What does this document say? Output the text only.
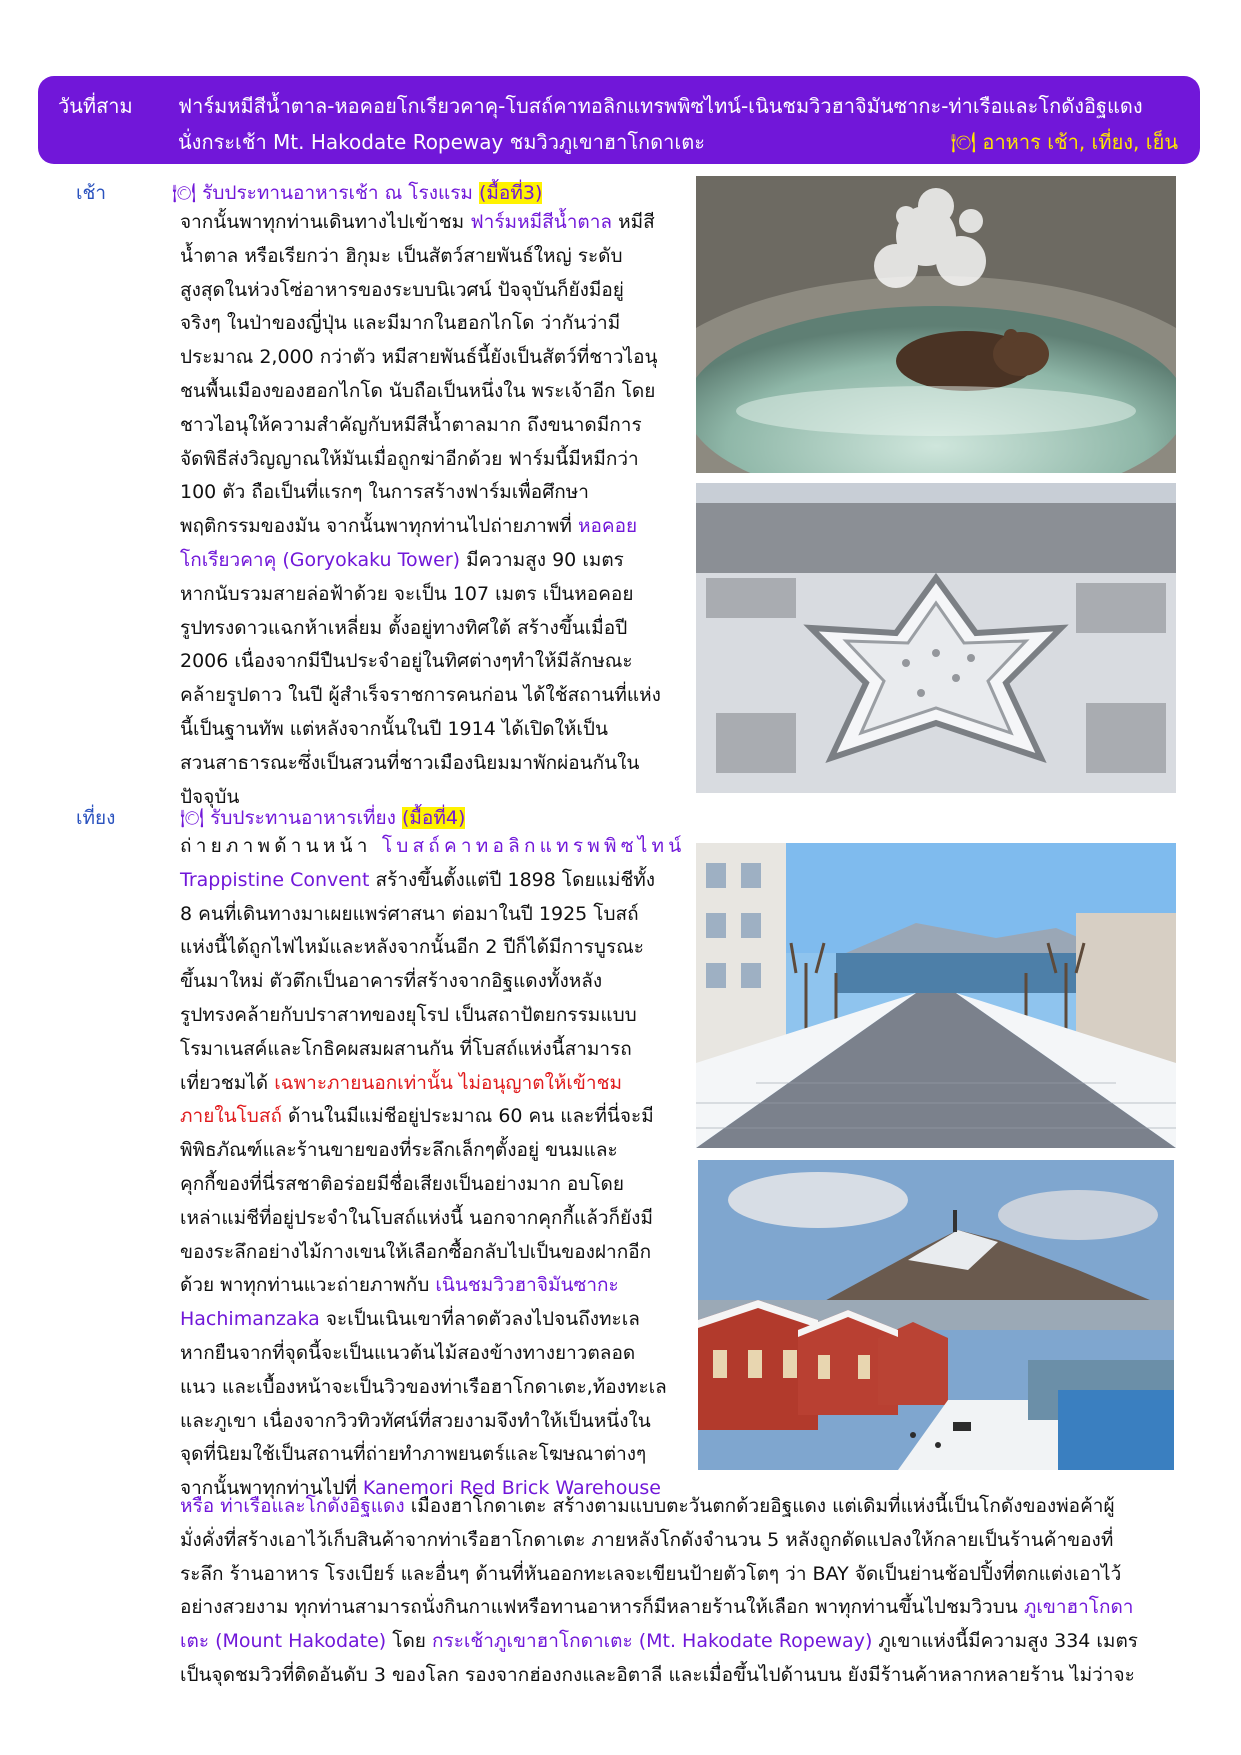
วันที่สาม ฟาร์มหมีสีน้ำตาล-หอคอยโกเรียวคาคุ-โบสถ์คาทอลิกแทรพพิซไทน์-เนินชมวิวฮาจิมันซากะ-ท่าเรือและโกดังอิฐแดง
นั่งกระเช้า Mt. Hakodate Ropeway ชมวิวภูเขาฮาโกดาเตะ	🍽 อาหาร เช้า, เที่ยง, เย็น
เช้า	🍽 รับประทานอาหารเช้า ณ โรงแรม (มื้อที่3)
จากนั้นพาทุกท่านเดินทางไปเข้าชม ฟาร์มหมีสีน้ำตาล หมีสี
น้ำตาล หรือเรียกว่า ฮิกุมะ เป็นสัตว์สายพันธ์ใหญ่ ระดับ
สูงสุดในห่วงโซ่อาหารของระบบนิเวศน์ ปัจจุบันก็ยังมีอยู่
จริงๆ ในป่าของญี่ปุ่น และมีมากในฮอกไกโด ว่ากันว่ามี
ประมาณ 2,000 กว่าตัว หมีสายพันธ์นี้ยังเป็นสัตว์ที่ชาวไอนุ
ชนพื้นเมืองของฮอกไกโด นับถือเป็นหนึ่งใน พระเจ้าอีก โดย
ชาวไอนุให้ความสำคัญกับหมีสีน้ำตาลมาก ถึงขนาดมีการ
จัดพิธีส่งวิญญาณให้มันเมื่อถูกฆ่าอีกด้วย ฟาร์มนี้มีหมีกว่า
100 ตัว ถือเป็นที่แรกๆ ในการสร้างฟาร์มเพื่อศึกษา
พฤติกรรมของมัน จากนั้นพาทุกท่านไปถ่ายภาพที่ หอคอย
โกเรียวคาคุ (Goryokaku Tower) มีความสูง 90 เมตร
หากนับรวมสายล่อฟ้าด้วย จะเป็น 107 เมตร เป็นหอคอย
รูปทรงดาวแฉกห้าเหลี่ยม ตั้งอยู่ทางทิศใต้ สร้างขึ้นเมื่อปี
2006 เนื่องจากมีปืนประจำอยู่ในทิศต่างๆทำให้มีลักษณะ
คล้ายรูปดาว ในปี ผู้สำเร็จราชการคนก่อน ได้ใช้สถานที่แห่ง
นี้เป็นฐานทัพ แต่หลังจากนั้นในปี 1914 ได้เปิดให้เป็น
สวนสาธารณะซึ่งเป็นสวนที่ชาวเมืองนิยมมาพักผ่อนกันใน
ปัจจุบัน
เที่ยง	🍽 รับประทานอาหารเที่ยง (มื้อที่4)
ถ่ายภาพด้านหน้า โบสถ์คาทอลิกแทรพพิซไทน์
Trappistine Convent สร้างขึ้นตั้งแต่ปี 1898 โดยแม่ชีทั้ง
8 คนที่เดินทางมาเผยแพร่ศาสนา ต่อมาในปี 1925 โบสถ์
แห่งนี้ได้ถูกไฟไหม้และหลังจากนั้นอีก 2 ปีก็ได้มีการบูรณะ
ขึ้นมาใหม่ ตัวตึกเป็นอาคารที่สร้างจากอิฐแดงทั้งหลัง
รูปทรงคล้ายกับปราสาทของยุโรป เป็นสถาปัตยกรรมแบบ
โรมาเนสค์และโกธิคผสมผสานกัน ที่โบสถ์แห่งนี้สามารถ
เที่ยวชมได้ เฉพาะภายนอกเท่านั้น ไม่อนุญาตให้เข้าชม
ภายในโบสถ์ ด้านในมีแม่ชีอยู่ประมาณ 60 คน และที่นี่จะมี
พิพิธภัณฑ์และร้านขายของที่ระลึกเล็กๆตั้งอยู่ ขนมและ
คุกกี้ของที่นี่รสชาติอร่อยมีชื่อเสียงเป็นอย่างมาก อบโดย
เหล่าแม่ชีที่อยู่ประจำในโบสถ์แห่งนี้ นอกจากคุกกี้แล้วก็ยังมี
ของระลึกอย่างไม้กางเขนให้เลือกซื้อกลับไปเป็นของฝากอีก
ด้วย พาทุกท่านแวะถ่ายภาพกับ เนินชมวิวฮาจิมันซากะ
Hachimanzaka จะเป็นเนินเขาที่ลาดตัวลงไปจนถึงทะเล
หากยืนจากที่จุดนี้จะเป็นแนวต้นไม้สองข้างทางยาวตลอด
แนว และเบื้องหน้าจะเป็นวิวของท่าเรือฮาโกดาเตะ,ท้องทะเล
และภูเขา เนื่องจากวิวทิวทัศน์ที่สวยงามจึงทำให้เป็นหนึ่งใน
จุดที่นิยมใช้เป็นสถานที่ถ่ายทำภาพยนตร์และโฆษณาต่างๆ
จากนั้นพาทุกท่านไปที่ Kanemori Red Brick Warehouse
หรือ ท่าเรือและโกดังอิฐแดง เมืองฮาโกดาเตะ สร้างตามแบบตะวันตกด้วยอิฐแดง แต่เดิมที่แห่งนี้เป็นโกดังของพ่อค้าผู้
มั่งคั่งที่สร้างเอาไว้เก็บสินค้าจากท่าเรือฮาโกดาเตะ ภายหลังโกดังจำนวน 5 หลังถูกดัดแปลงให้กลายเป็นร้านค้าของที่
ระลึก ร้านอาหาร โรงเบียร์ และอื่นๆ ด้านที่หันออกทะเลจะเขียนป้ายตัวโตๆ ว่า BAY จัดเป็นย่านช้อปปิ้งที่ตกแต่งเอาไว้
อย่างสวยงาม ทุกท่านสามารถนั่งกินกาแฟหรือทานอาหารก็มีหลายร้านให้เลือก พาทุกท่านขึ้นไปชมวิวบน ภูเขาฮาโกดา
เตะ (Mount Hakodate) โดย กระเช้าภูเขาฮาโกดาเตะ (Mt. Hakodate Ropeway) ภูเขาแห่งนี้มีความสูง 334 เมตร
เป็นจุดชมวิวที่ติดอันดับ 3 ของโลก รองจากฮ่องกงและอิตาลี และเมื่อขึ้นไปด้านบน ยังมีร้านค้าหลากหลายร้าน ไม่ว่าจะ
